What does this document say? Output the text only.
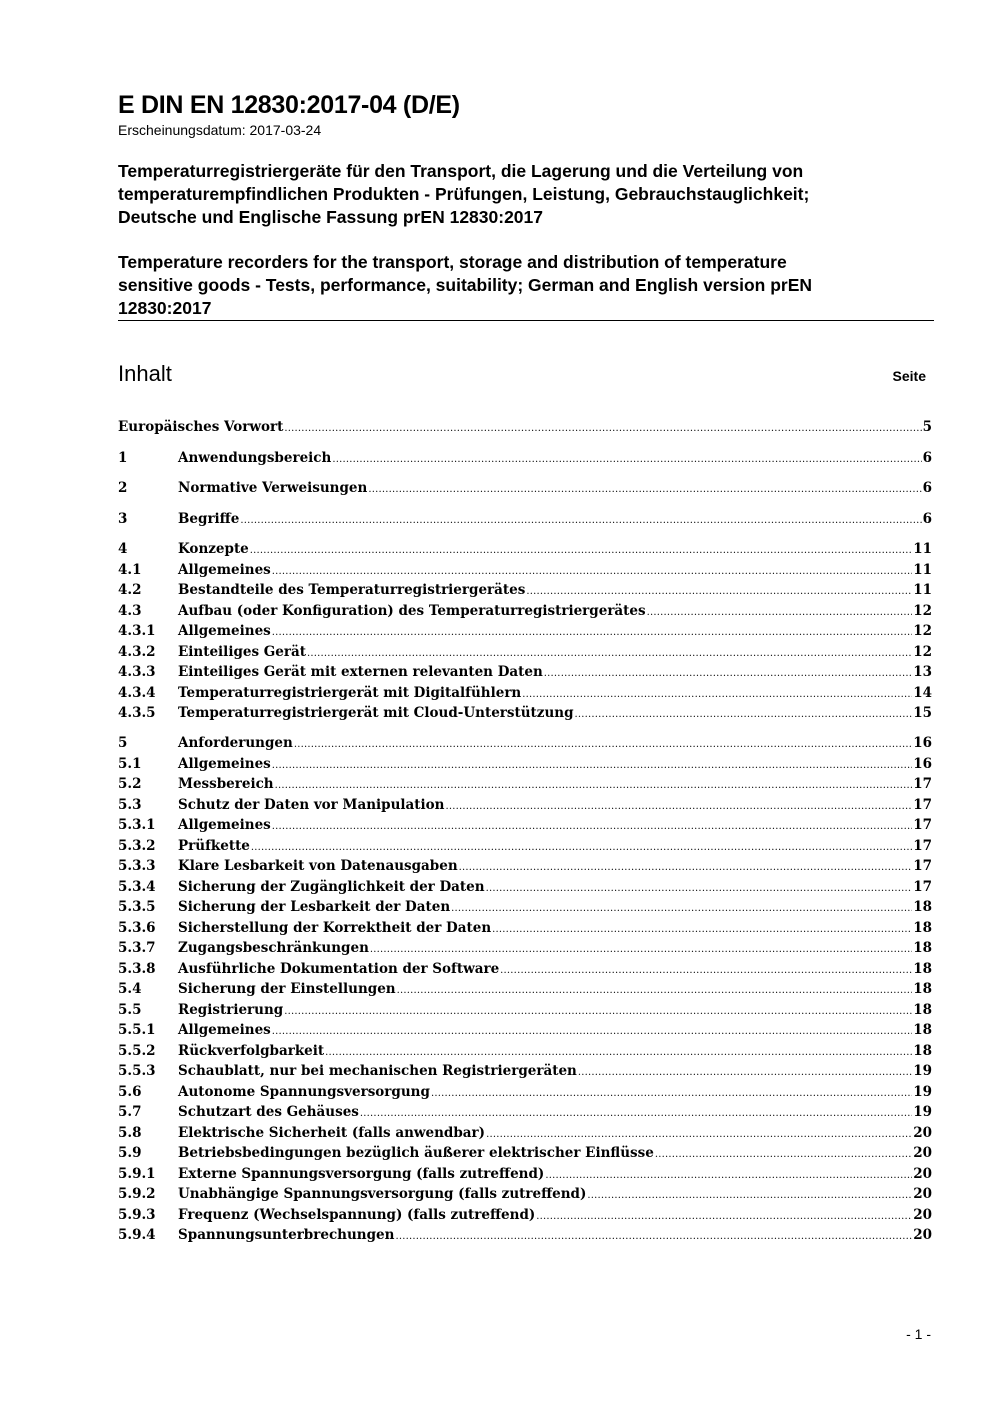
E DIN EN 12830:2017-04 (D/E)
Erscheinungsdatum: 2017-03-24
Temperaturregistriergeräte für den Transport, die Lagerung und die Verteilung von
temperaturempfindlichen Produkten - Prüfungen, Leistung, Gebrauchstauglichkeit;
Deutsche und Englische Fassung prEN 12830:2017
Temperature recorders for the transport, storage and distribution of temperature
sensitive goods - Tests, performance, suitability; German and English version prEN
12830:2017
Inhalt	Seite
Europäisches Vorwort .....	5
1	Anwendungsbereich .....	6
2	Normative Verweisungen .....	6
3	Begriffe .....	6
4	Konzepte .....	11
4.1	Allgemeines .....	11
4.2	Bestandteile des Temperaturregistriergerätes .....	11
4.3	Aufbau (oder Konfiguration) des Temperaturregistriergerätes .....	12
4.3.1	Allgemeines .....	12
4.3.2	Einteiliges Gerät .....	12
4.3.3	Einteiliges Gerät mit externen relevanten Daten .....	13
4.3.4	Temperaturregistriergerät mit Digitalfühlern .....	14
4.3.5	Temperaturregistriergerät mit Cloud-Unterstützung .....	15
5	Anforderungen .....	16
5.1	Allgemeines .....	16
5.2	Messbereich .....	17
5.3	Schutz der Daten vor Manipulation .....	17
5.3.1	Allgemeines .....	17
5.3.2	Prüfkette .....	17
5.3.3	Klare Lesbarkeit von Datenausgaben .....	17
5.3.4	Sicherung der Zugänglichkeit der Daten .....	17
5.3.5	Sicherung der Lesbarkeit der Daten .....	18
5.3.6	Sicherstellung der Korrektheit der Daten .....	18
5.3.7	Zugangsbeschränkungen .....	18
5.3.8	Ausführliche Dokumentation der Software .....	18
5.4	Sicherung der Einstellungen .....	18
5.5	Registrierung .....	18
5.5.1	Allgemeines .....	18
5.5.2	Rückverfolgbarkeit .....	18
5.5.3	Schaublatt, nur bei mechanischen Registriergeräten .....	19
5.6	Autonome Spannungsversorgung .....	19
5.7	Schutzart des Gehäuses .....	19
5.8	Elektrische Sicherheit (falls anwendbar) .....	20
5.9	Betriebsbedingungen bezüglich äußerer elektrischer Einflüsse .....	20
5.9.1	Externe Spannungsversorgung (falls zutreffend) .....	20
5.9.2	Unabhängige Spannungsversorgung (falls zutreffend) .....	20
5.9.3	Frequenz (Wechselspannung) (falls zutreffend) .....	20
5.9.4	Spannungsunterbrechungen .....	20
- 1 -
